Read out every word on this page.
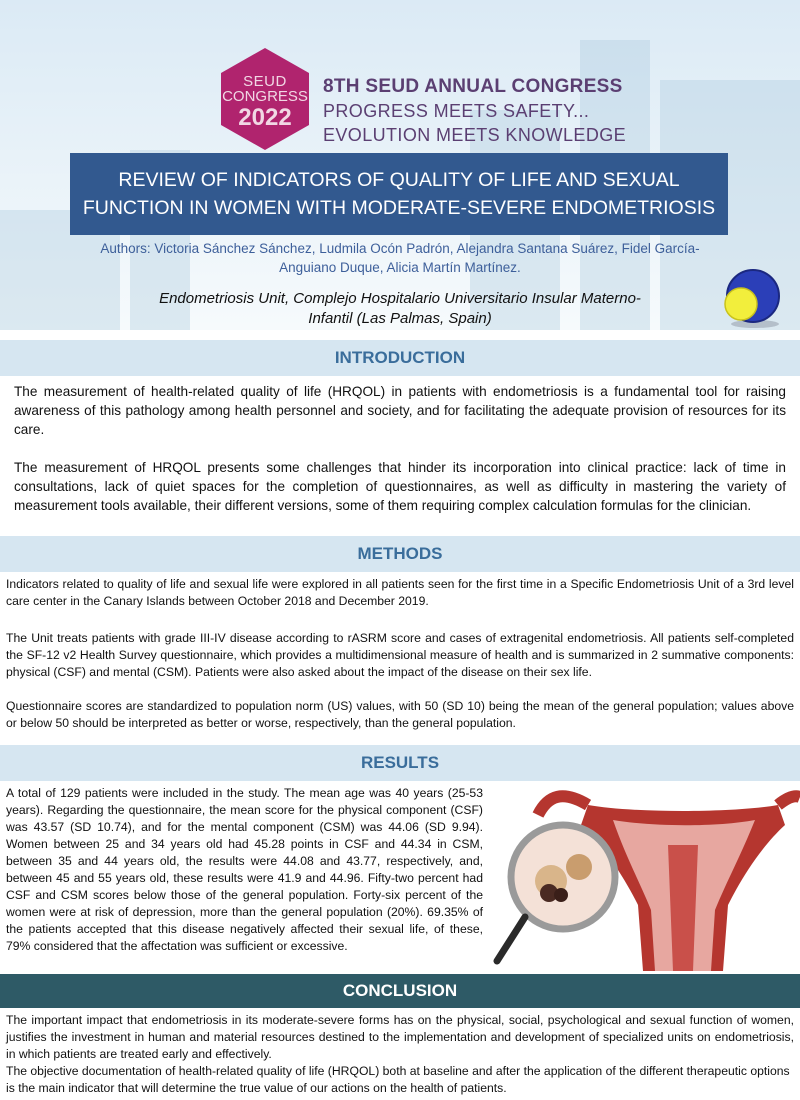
SEUD
CONGRESS
2022
8TH SEUD ANNUAL CONGRESS
PROGRESS MEETS SAFETY...
EVOLUTION MEETS KNOWLEDGE
REVIEW OF INDICATORS OF QUALITY OF LIFE AND SEXUAL
FUNCTION IN WOMEN WITH MODERATE-SEVERE ENDOMETRIOSIS
Authors: Victoria Sánchez Sánchez, Ludmila Ocón Padrón, Alejandra Santana Suárez, Fidel García-
Anguiano Duque, Alicia Martín Martínez.
Endometriosis Unit, Complejo Hospitalario Universitario Insular Materno-
Infantil (Las Palmas, Spain)
INTRODUCTION

The measurement of health-related quality of life (HRQOL) in patients with endometriosis is a fundamental tool for raising awareness of this pathology among health personnel and society, and for facilitating the adequate provision of resources for its care.

The measurement of HRQOL presents some challenges that hinder its incorporation into clinical practice: lack of time in consultations, lack of quiet spaces for the completion of questionnaires, as well as difficulty in mastering the variety of measurement tools available, their different versions, some of them requiring complex calculation formulas for the clinician.

METHODS

Indicators related to quality of life and sexual life were explored in all patients seen for the first time in a Specific Endometriosis Unit of a 3rd level care center in the Canary Islands between October 2018 and December 2019.

The Unit treats patients with grade III-IV disease according to rASRM score and cases of extragenital endometriosis. All patients self-completed the SF-12 v2 Health Survey questionnaire, which provides a multidimensional measure of health and is summarized in 2 summative components: physical (CSF) and mental (CSM). Patients were also asked about the impact of the disease on their sex life.

Questionnaire scores are standardized to population norm (US) values, with 50 (SD 10) being the mean of the general population; values above or below 50 should be interpreted as better or worse, respectively, than the general population.

RESULTS

A total of 129 patients were included in the study. The mean age was 40 years (25-53 years). Regarding the questionnaire, the mean score for the physical component (CSF) was 43.57 (SD 10.74), and for the mental component (CSM) was 44.06 (SD 9.94). Women between 25 and 34 years old had 45.28 points in CSF and 44.34 in CSM, between 35 and 44 years old, the results were 44.08 and 43.77, respectively, and, between 45 and 55 years old, these results were 41.9 and 44.96. Fifty-two percent had CSF and CSM scores below those of the general population. Forty-six percent of the women were at risk of depression, more than the general population (20%). 69.35% of the patients accepted that this disease negatively affected their sexual life, of these, 79% considered that the affectation was sufficient or excessive.

CONCLUSION

The important impact that endometriosis in its moderate-severe forms has on the physical, social, psychological and sexual function of women, justifies the investment in human and material resources destined to the implementation and development of specialized units on endometriosis, in which patients are treated early and effectively.

The objective documentation of health-related quality of life (HRQOL) both at baseline and after the application of the different therapeutic options is the main indicator that will determine the true value of our actions on the health of patients.
